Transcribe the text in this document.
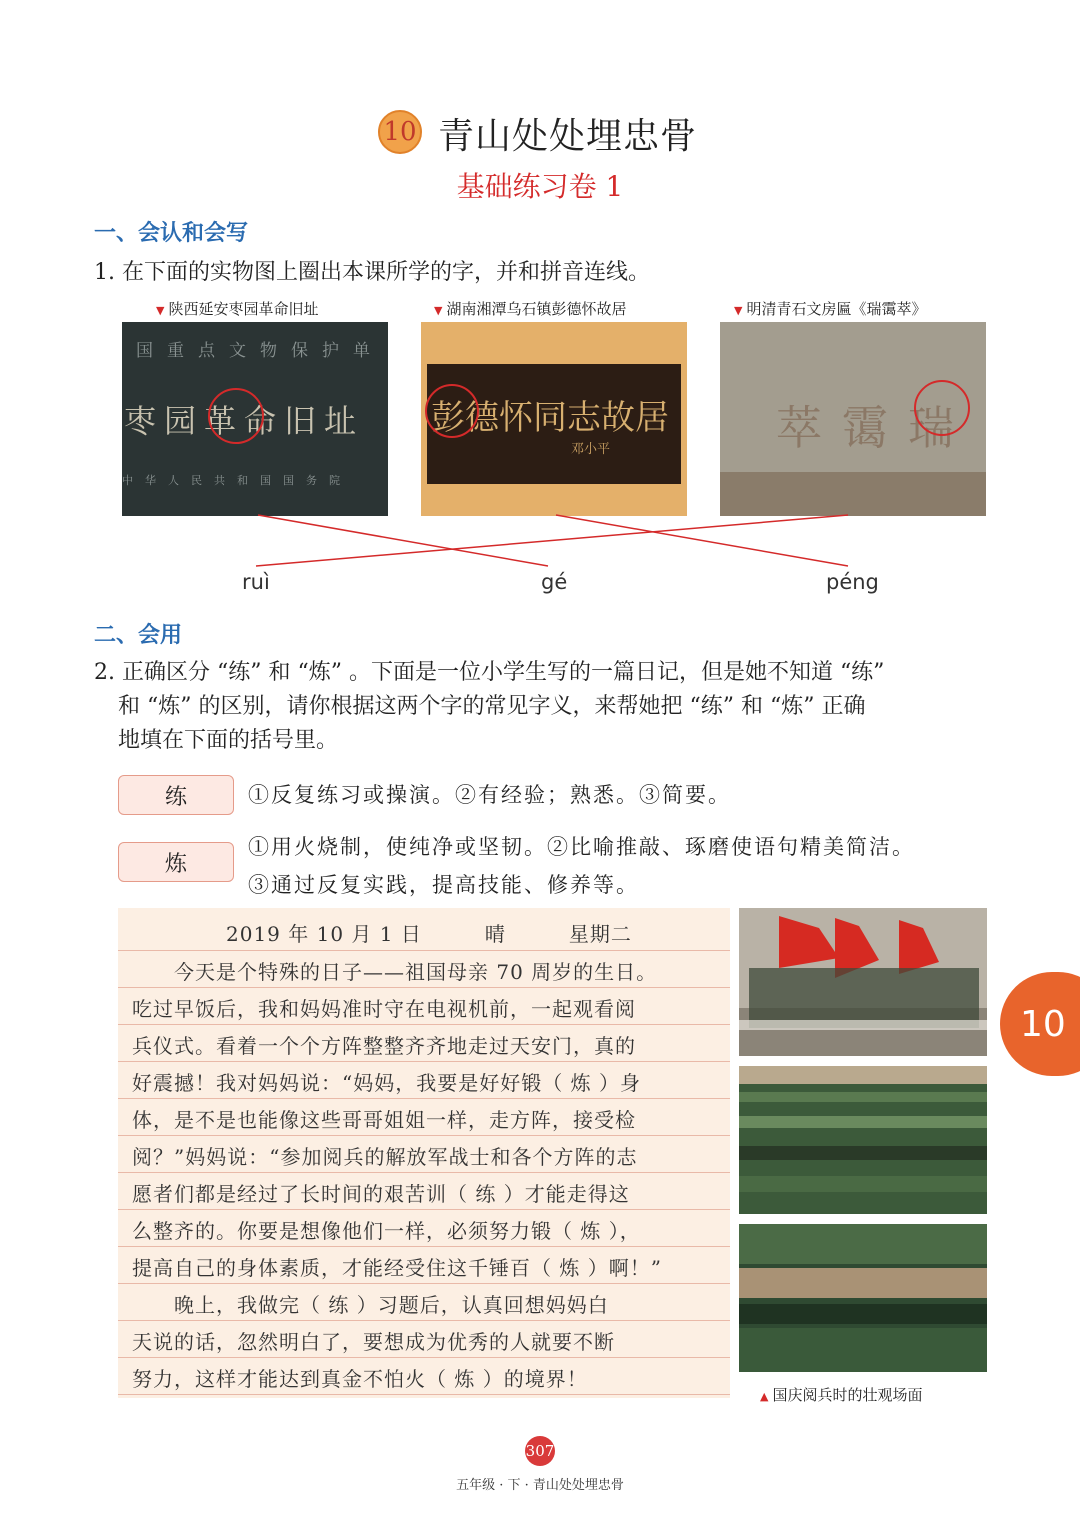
10 青山处处埋忠骨
基础练习卷 1
一、会认和会写
1. 在下面的实物图上圈出本课所学的字，并和拼音连线。
▼ 陕西延安枣园革命旧址	▼ 湖南湘潭乌石镇彭德怀故居	▼ 明清青石文房匾《瑞霭萃》
国重点文物保护单
枣园革命旧址
中华人民共和国国务院
彭德怀同志故居
邓小平	萃霭瑞
ruì	gé	péng
二、会用
2. 正确区分 “练” 和 “炼” 。下面是一位小学生写的一篇日记，但是她不知道 “练”
和 “炼” 的区别，请你根据这两个字的常见字义，来帮她把 “练” 和 “炼” 正确
地填在下面的括号里。
练	①反复练习或操演。②有经验；熟悉。③简要。
炼
①用火烧制，使纯净或坚韧。②比喻推敲、琢磨使语句精美简洁。
③通过反复实践，提高技能、修养等。
2019 年 10 月 1 日　　　晴　　　星期二
　　今天是个特殊的日子——祖国母亲 70 周岁的生日。
吃过早饭后，我和妈妈准时守在电视机前，一起观看阅
兵仪式。看着一个个方阵整整齐齐地走过天安门，真的
好震撼！我对妈妈说：“妈妈，我要是好好锻（ 炼 ）身
体，是不是也能像这些哥哥姐姐一样，走方阵，接受检
阅？”妈妈说：“参加阅兵的解放军战士和各个方阵的志
愿者们都是经过了长时间的艰苦训（ 练 ）才能走得这
么整齐的。你要是想像他们一样，必须努力锻（ 炼 ），
提高自己的身体素质，才能经受住这千锤百（ 炼 ）啊！”
　　晚上，我做完（ 练 ）习题后，认真回想妈妈白
天说的话，忽然明白了，要想成为优秀的人就要不断
努力，这样才能达到真金不怕火（ 炼 ）的境界！
▲ 国庆阅兵时的壮观场面
10
307
五年级 · 下 · 青山处处埋忠骨
